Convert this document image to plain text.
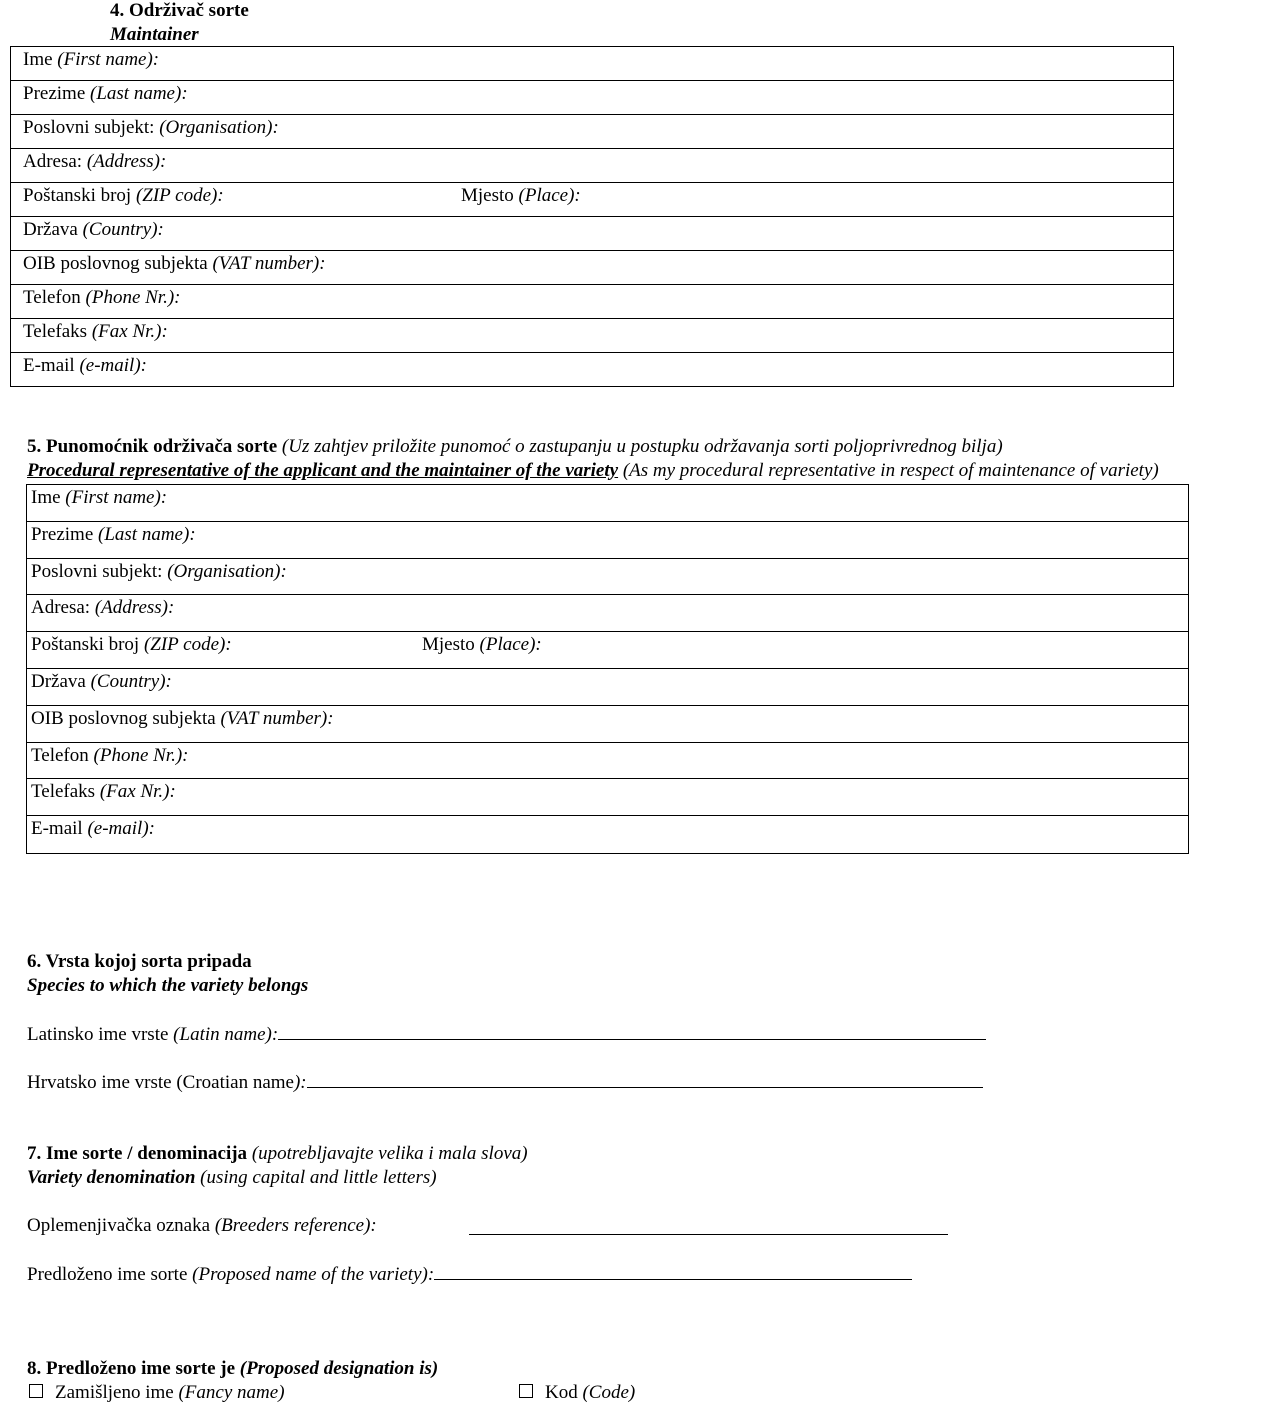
4. Održivač sorte
Maintainer
Ime (First name):
Prezime (Last name):
Poslovni subjekt: (Organisation):
Adresa: (Address):
Poštanski broj (ZIP code):	Mjesto (Place):
Država (Country):
OIB poslovnog subjekta (VAT number):
Telefon (Phone Nr.):
Telefaks (Fax Nr.):
E-mail (e-mail):
5. Punomoćnik održivača sorte (Uz zahtjev priložite punomoć o zastupanju u postupku održavanja sorti poljoprivrednog bilja)
Procedural representative of the applicant and the maintainer of the variety (As my procedural representative in respect of maintenance of variety)
Ime (First name):
Prezime (Last name):
Poslovni subjekt: (Organisation):
Adresa: (Address):
Poštanski broj (ZIP code):	Mjesto (Place):
Država (Country):
OIB poslovnog subjekta (VAT number):
Telefon (Phone Nr.):
Telefaks (Fax Nr.):
E-mail (e-mail):
6. Vrsta kojoj sorta pripada
Species to which the variety belongs
Latinsko ime vrste (Latin name):
Hrvatsko ime vrste (Croatian name):
7. Ime sorte / denominacija (upotrebljavajte velika i mala slova)
Variety denomination (using capital and little letters)
Oplemenjivačka oznaka (Breeders reference):
Predloženo ime sorte (Proposed name of the variety):
8. Predloženo ime sorte je (Proposed designation is)
Zamišljeno ime (Fancy name)	Kod (Code)
